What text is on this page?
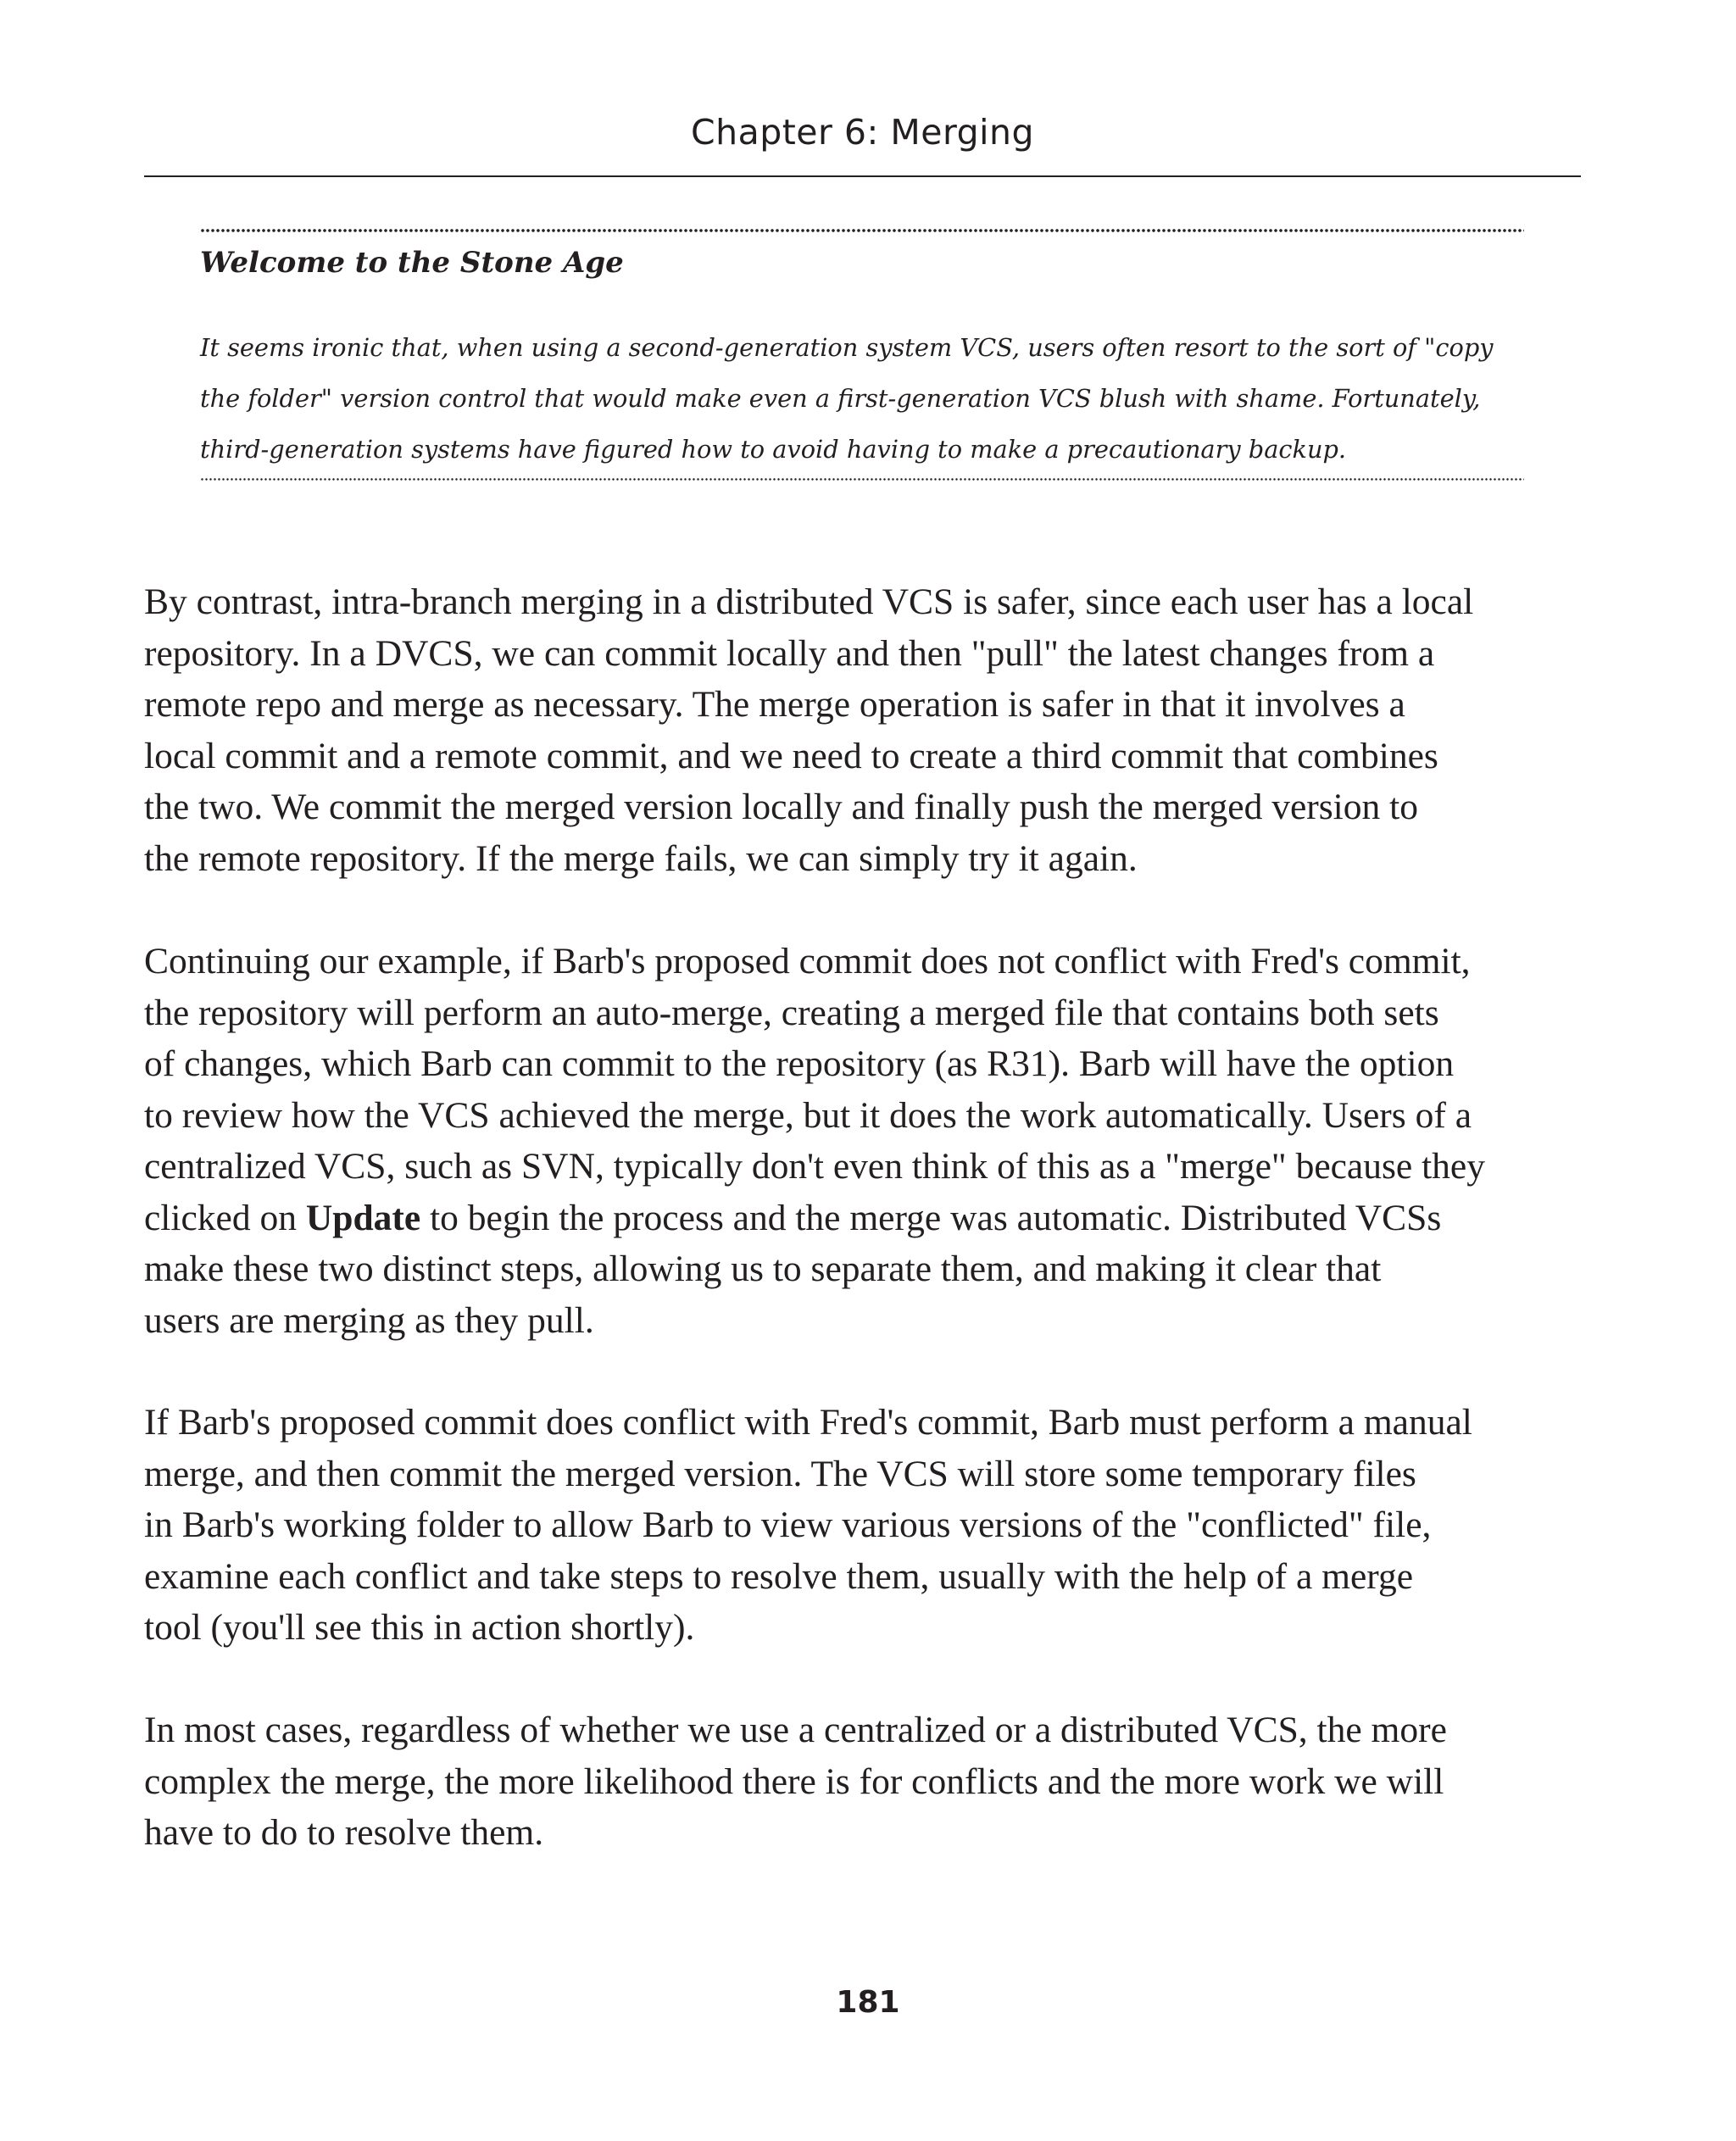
Chapter 6: Merging
Welcome to the Stone Age
It seems ironic that, when using a second-generation system VCS, users often resort to the sort of "copy
the folder" version control that would make even a first-generation VCS blush with shame. Fortunately,
third-generation systems have figured how to avoid having to make a precautionary backup.
By contrast, intra-branch merging in a distributed VCS is safer, since each user has a local
repository. In a DVCS, we can commit locally and then "pull" the latest changes from a
remote repo and merge as necessary. The merge operation is safer in that it involves a
local commit and a remote commit, and we need to create a third commit that combines
the two. We commit the merged version locally and finally push the merged version to
the remote repository. If the merge fails, we can simply try it again.
Continuing our example, if Barb's proposed commit does not conflict with Fred's commit,
the repository will perform an auto-merge, creating a merged file that contains both sets
of changes, which Barb can commit to the repository (as R31). Barb will have the option
to review how the VCS achieved the merge, but it does the work automatically. Users of a
centralized VCS, such as SVN, typically don't even think of this as a "merge" because they
clicked on Update to begin the process and the merge was automatic. Distributed VCSs
make these two distinct steps, allowing us to separate them, and making it clear that
users are merging as they pull.
If Barb's proposed commit does conflict with Fred's commit, Barb must perform a manual
merge, and then commit the merged version. The VCS will store some temporary files
in Barb's working folder to allow Barb to view various versions of the "conflicted" file,
examine each conflict and take steps to resolve them, usually with the help of a merge
tool (you'll see this in action shortly).
In most cases, regardless of whether we use a centralized or a distributed VCS, the more
complex the merge, the more likelihood there is for conflicts and the more work we will
have to do to resolve them.
181
